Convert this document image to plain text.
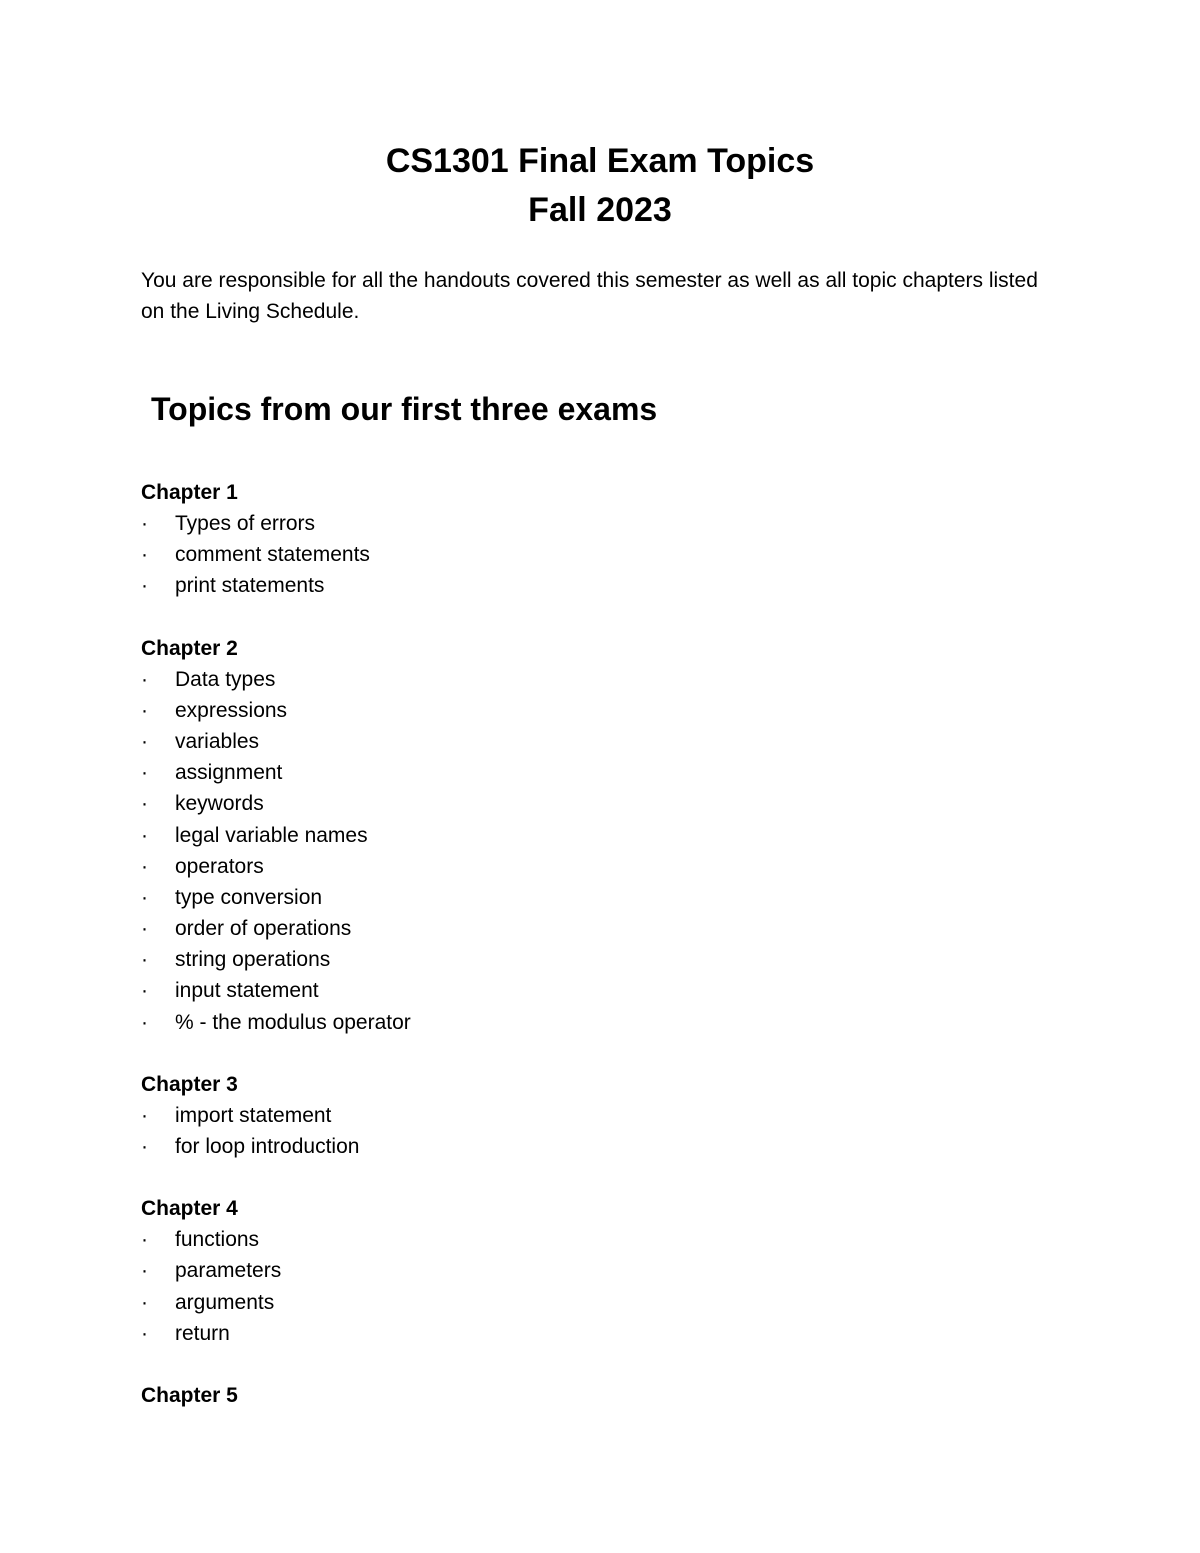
CS1301 Final Exam Topics
Fall 2023
You are responsible for all the handouts covered this semester as well as all topic chapters listed on the Living Schedule.
Topics from our first three exams
Chapter 1
· Types of errors
· comment statements
· print statements
Chapter 2
· Data types
· expressions
· variables
· assignment
· keywords
· legal variable names
· operators
· type conversion
· order of operations
· string operations
· input statement
· % - the modulus operator
Chapter 3
· import statement
· for loop introduction
Chapter 4
· functions
· parameters
· arguments
· return
Chapter 5
